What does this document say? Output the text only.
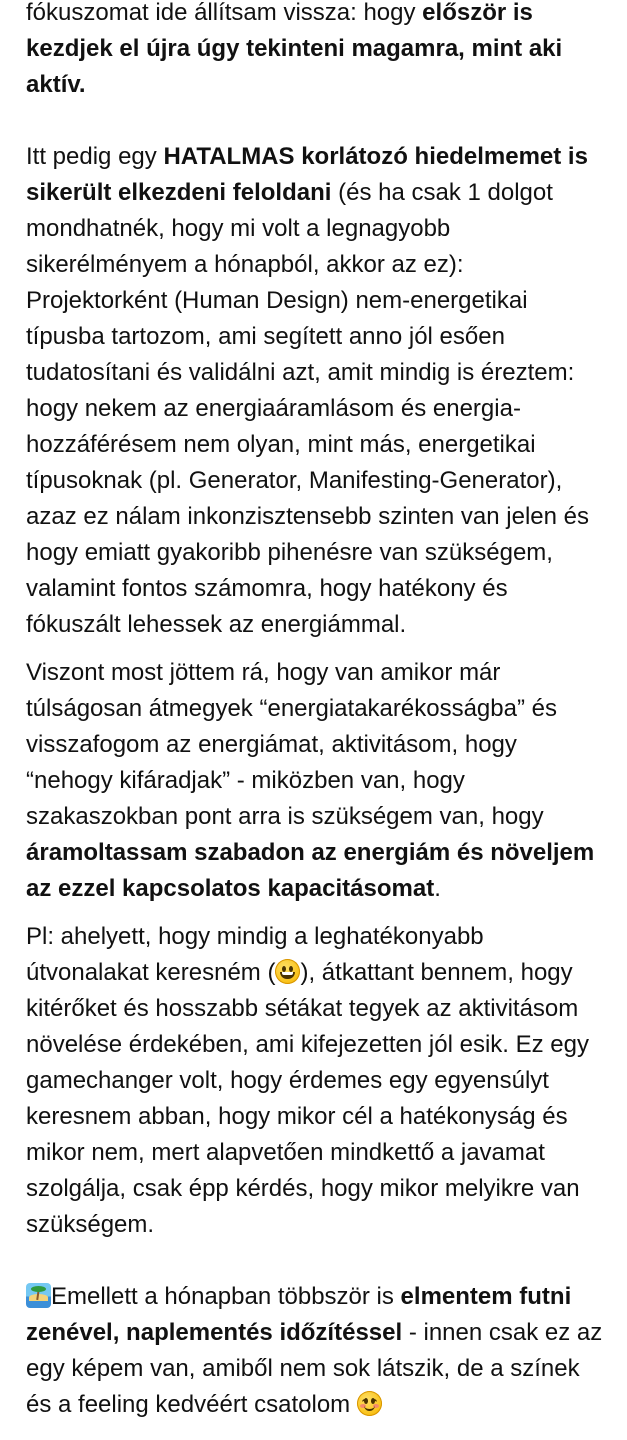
fókuszomat ide állítsam vissza: hogy először is kezdjek el újra úgy tekinteni magamra, mint aki aktív.

Itt pedig egy HATALMAS korlátozó hiedelmemet is sikerült elkezdeni feloldani (és ha csak 1 dolgot mondhatnék, hogy mi volt a legnagyobb sikerélményem a hónapból, akkor az ez): Projektorként (Human Design) nem-energetikai típusba tartozom, ami segített anno jól esően tudatosítani és validálni azt, amit mindig is éreztem: hogy nekem az energiaáramlásom és energia-hozzáférésem nem olyan, mint más, energetikai típusoknak (pl. Generator, Manifesting-Generator), azaz ez nálam inkonzisztensebb szinten van jelen és hogy emiatt gyakoribb pihenésre van szükségem, valamint fontos számomra, hogy hatékony és fókuszált lehessek az energiámmal.

Viszont most jöttem rá, hogy van amikor már túlságosan átmegyek “energiatakarékosságba” és visszafogom az energiámat, aktivitásom, hogy “nehogy kifáradjak” - miközben van, hogy szakaszokban pont arra is szükségem van, hogy áramoltassam szabadon az energiám és növeljem az ezzel kapcsolatos kapacitásomat.

Pl: ahelyett, hogy mindig a leghatékonyabb útvonalakat keresném ( ), átkattant bennem, hogy kitérőket és hosszabb sétákat tegyek az aktivitásom növelése érdekében, ami kifejezetten jól esik. Ez egy gamechanger volt, hogy érdemes egy egyensúlyt keresnem abban, hogy mikor cél a hatékonyság és mikor nem, mert alapvetően mindkettő a javamat szolgálja, csak épp kérdés, hogy mikor melyikre van szükségem.

Emellett a hónapban többször is elmentem futni zenével, naplementés időzítéssel - innen csak ez az egy képem van, amiből nem sok látszik, de a színek és a feeling kedvéért csatolom
